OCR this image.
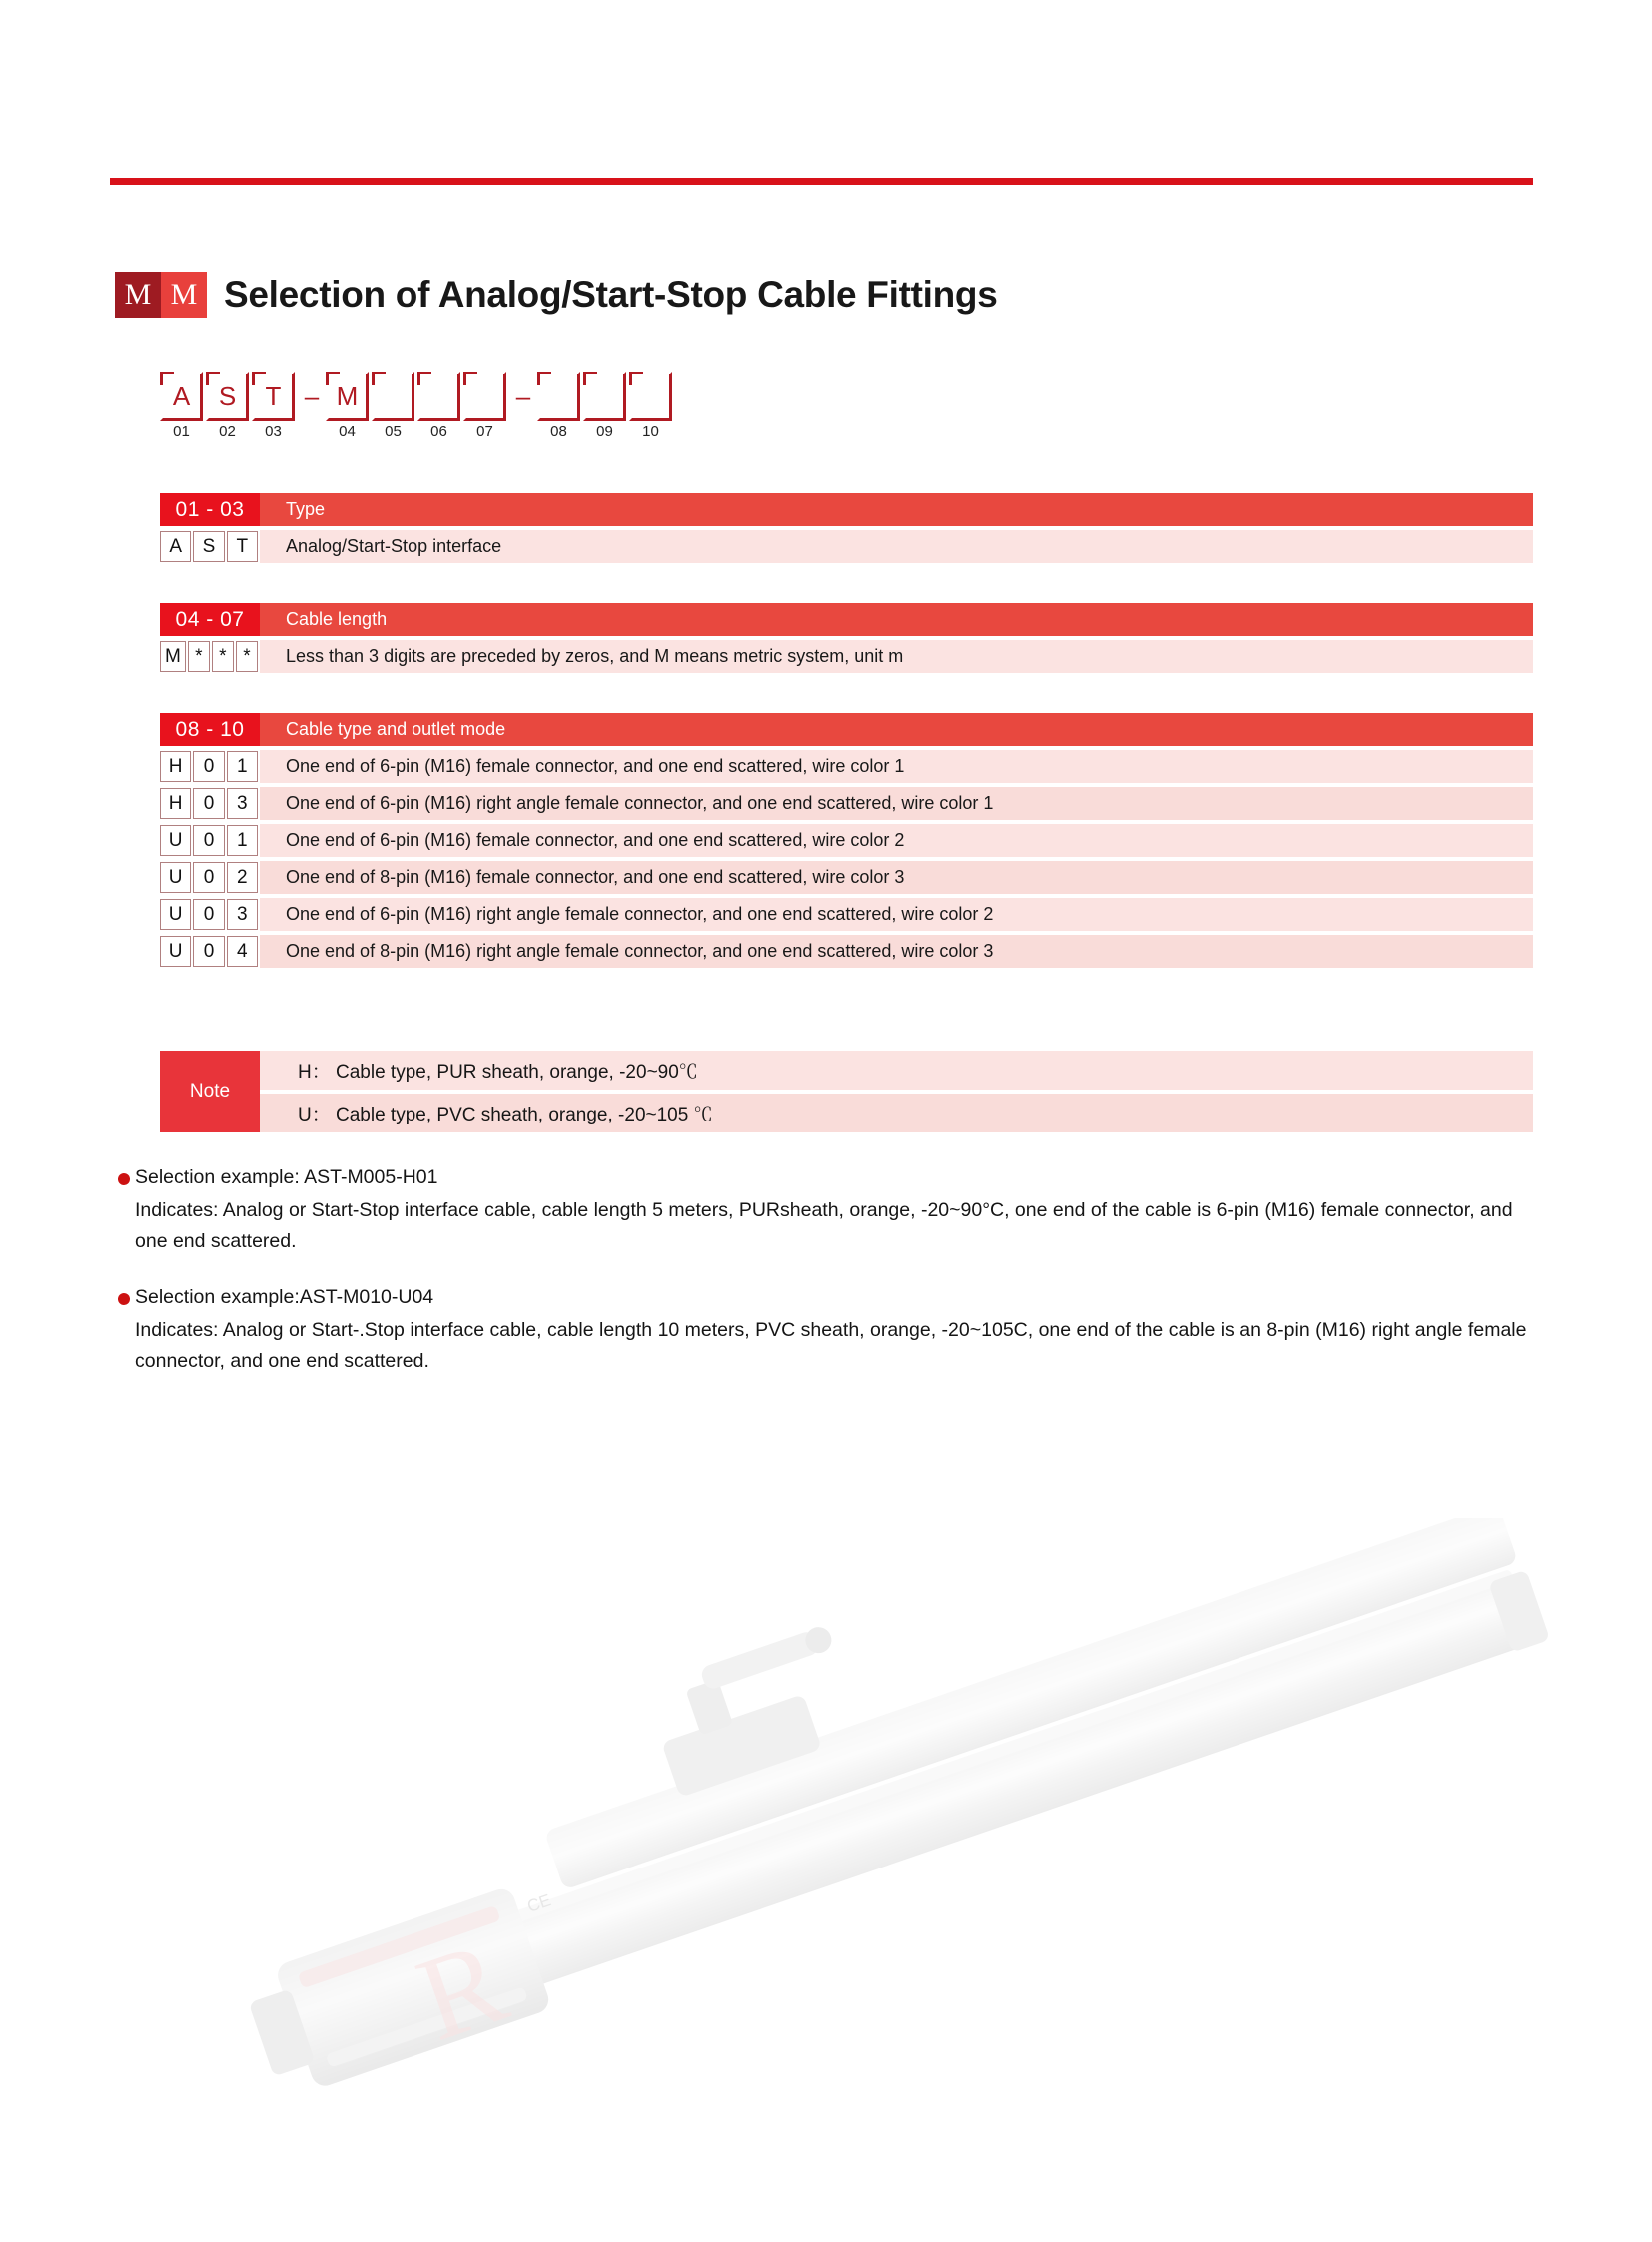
M M Selection of Analog/Start-Stop Cable Fittings
A
01
S
02
T
03
– M
04 05 06 07
–
08 09 10
01 - 03	Type
A	S	T	Analog/Start-Stop interface
04 - 07	Cable length
M * * *	Less than 3 digits are preceded by zeros, and M means metric system, unit m
08 - 10	Cable type and outlet mode
H	0	1	One end of 6-pin (M16) female connector, and one end scattered, wire color 1
H	0	3	One end of 6-pin (M16) right angle female connector, and one end scattered, wire color 1
U	0	1	One end of 6-pin (M16) female connector, and one end scattered, wire color 2
U	0	2	One end of 8-pin (M16) female connector, and one end scattered, wire color 3
U	0	3	One end of 6-pin (M16) right angle female connector, and one end scattered, wire color 2
U	0	4	One end of 8-pin (M16) right angle female connector, and one end scattered, wire color 3
Note
H： Cable type, PUR sheath, orange, -20~90℃
U： Cable type, PVC sheath, orange, -20~105 ℃
Selection example: AST-M005-H01
Indicates: Analog or Start-Stop interface cable, cable length 5 meters, PURsheath, orange, -20~90°C, one end of the cable is 6-pin (M16) female connector, and one end scattered.
Selection example:AST-M010-U04
Indicates: Analog or Start-.Stop interface cable, cable length 10 meters, PVC sheath, orange, -20~105C, one end of the cable is an 8-pin (M16) right angle female connector, and one end scattered.
R
CE
